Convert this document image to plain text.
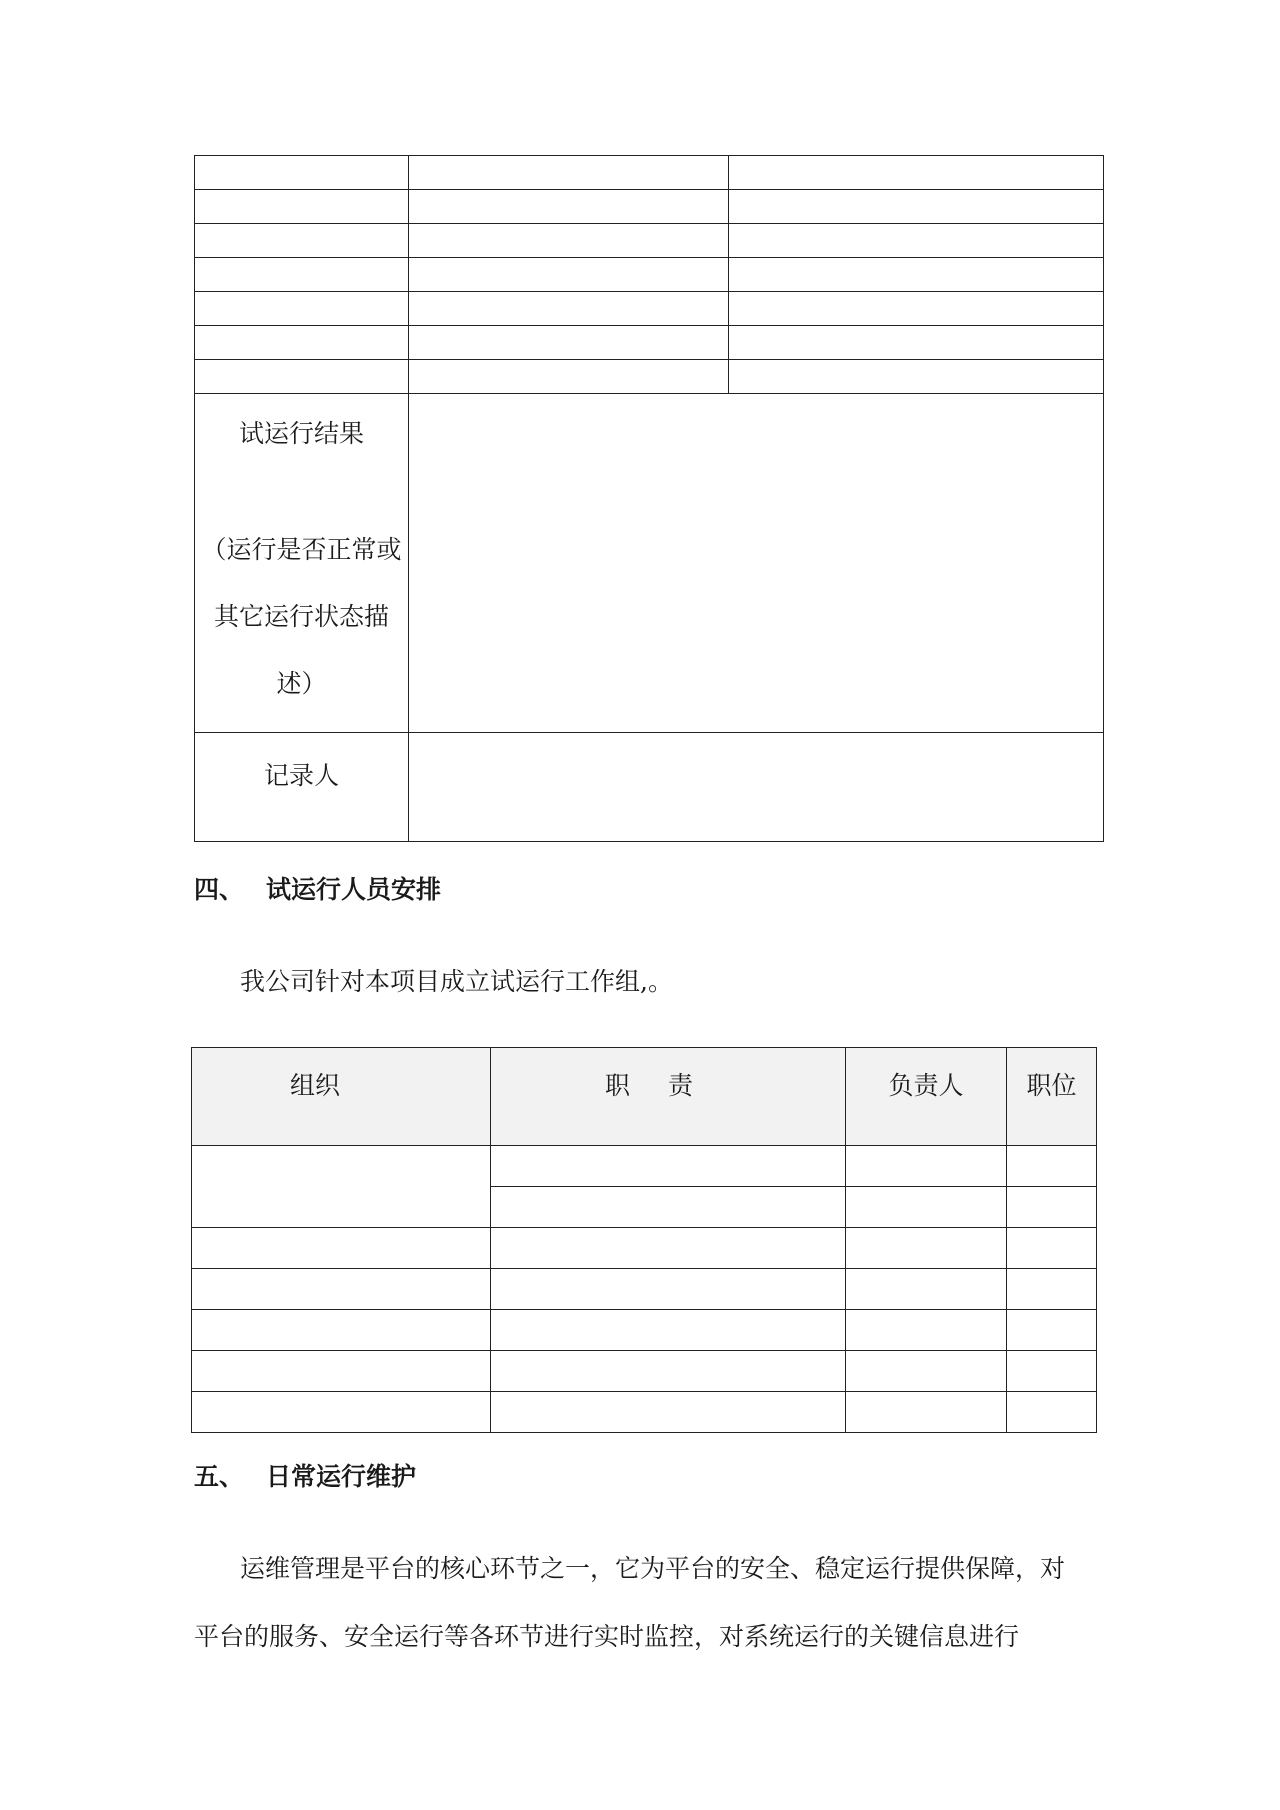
试运行结果
（运行是否正常或其它运行状态描述）		

记录人		

四、 试运行人员安排
我公司针对本项目成立试运行工作组,。
组织	职责	负责人	职位

五、 日常运行维护
运维管理是平台的核心环节之一，它为平台的安全、稳定运行提供保障，对平台的服务、安全运行等各环节进行实时监控，对系统运行的关键信息进行
